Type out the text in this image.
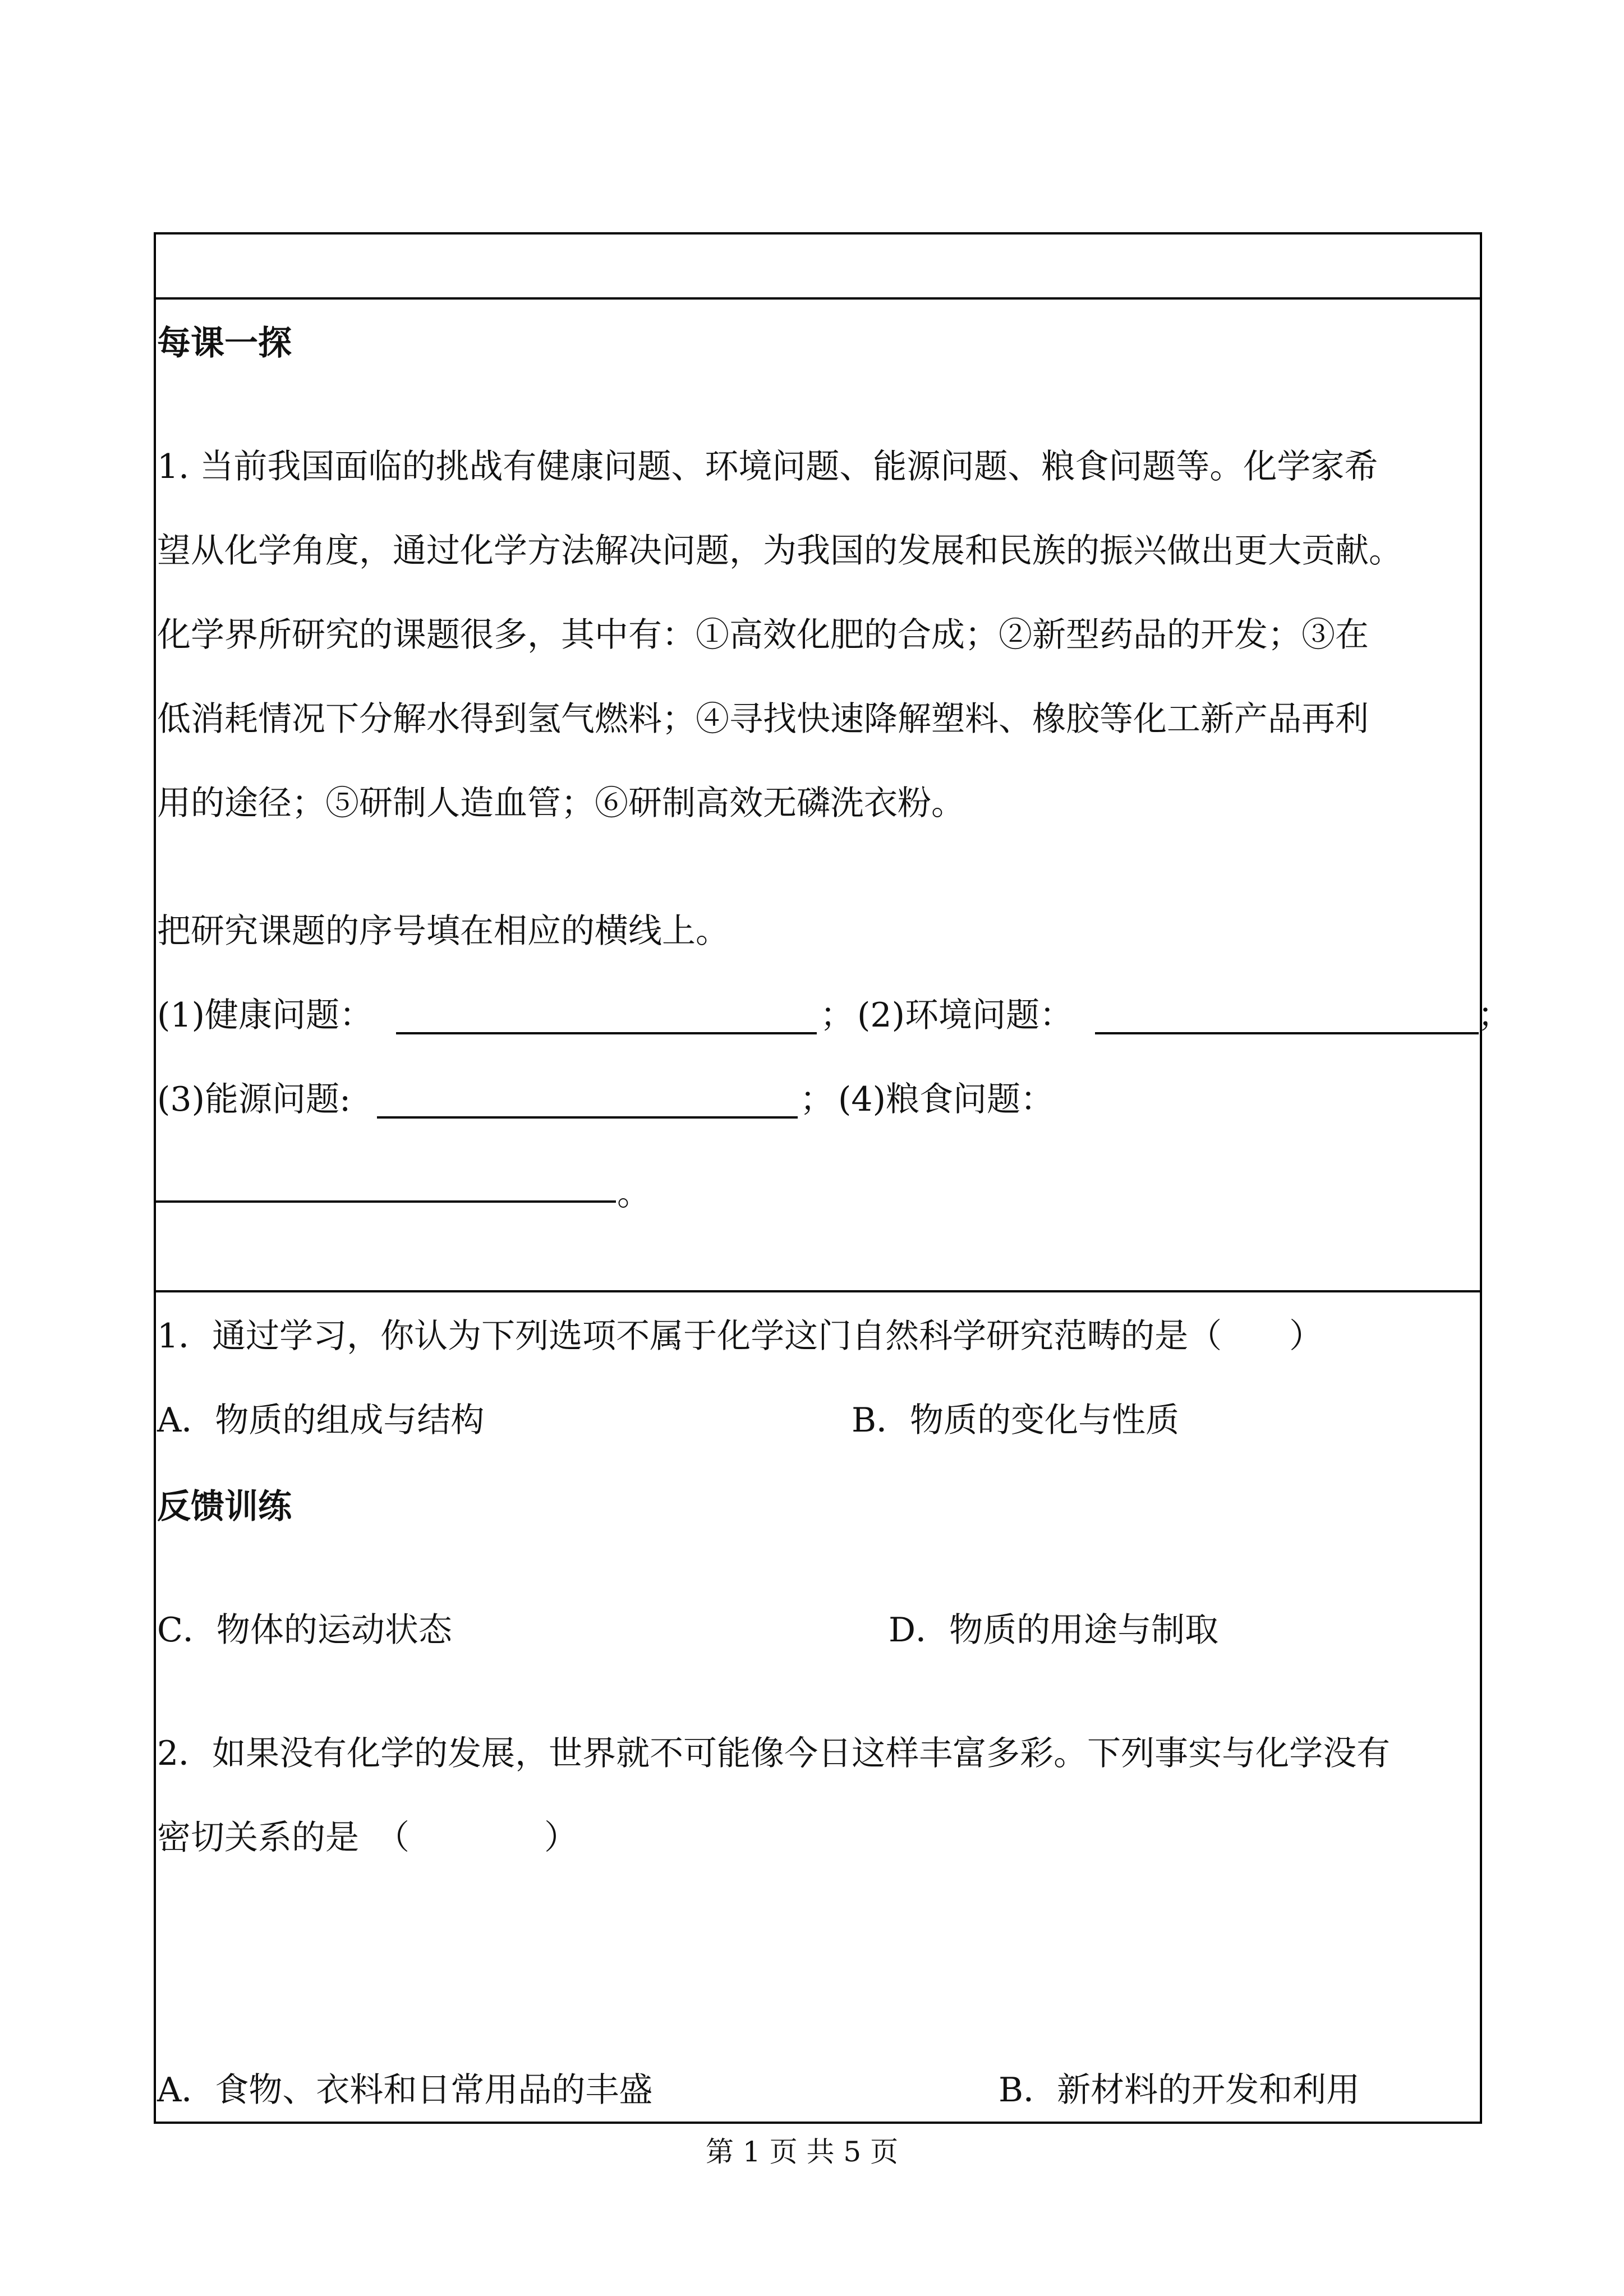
每课一探
1. 当前我国面临的挑战有健康问题、环境问题、能源问题、粮食问题等。化学家希
望从化学角度，通过化学方法解决问题，为我国的发展和民族的振兴做出更大贡献。
化学界所研究的课题很多，其中有：①高效化肥的合成；②新型药品的开发；③在
低消耗情况下分解水得到氢气燃料；④寻找快速降解塑料、橡胶等化工新产品再利
用的途径；⑤研制人造血管；⑥研制高效无磷洗衣粉。
把研究课题的序号填在相应的横线上。
(1)健康问题：	； (2)环境问题：	；
(3)能源问题:	； (4)粮食问题：
。
1．通过学习，你认为下列选项不属于化学这门自然科学研究范畴的是（　　）
A．物质的组成与结构	B．物质的变化与性质
反馈训练
C．物体的运动状态	D．物质的用途与制取
2．如果没有化学的发展，世界就不可能像今日这样丰富多彩。下列事实与化学没有
密切关系的是　（　　　　）
A．食物、衣料和日常用品的丰盛	B．新材料的开发和利用
第 1 页 共 5 页
